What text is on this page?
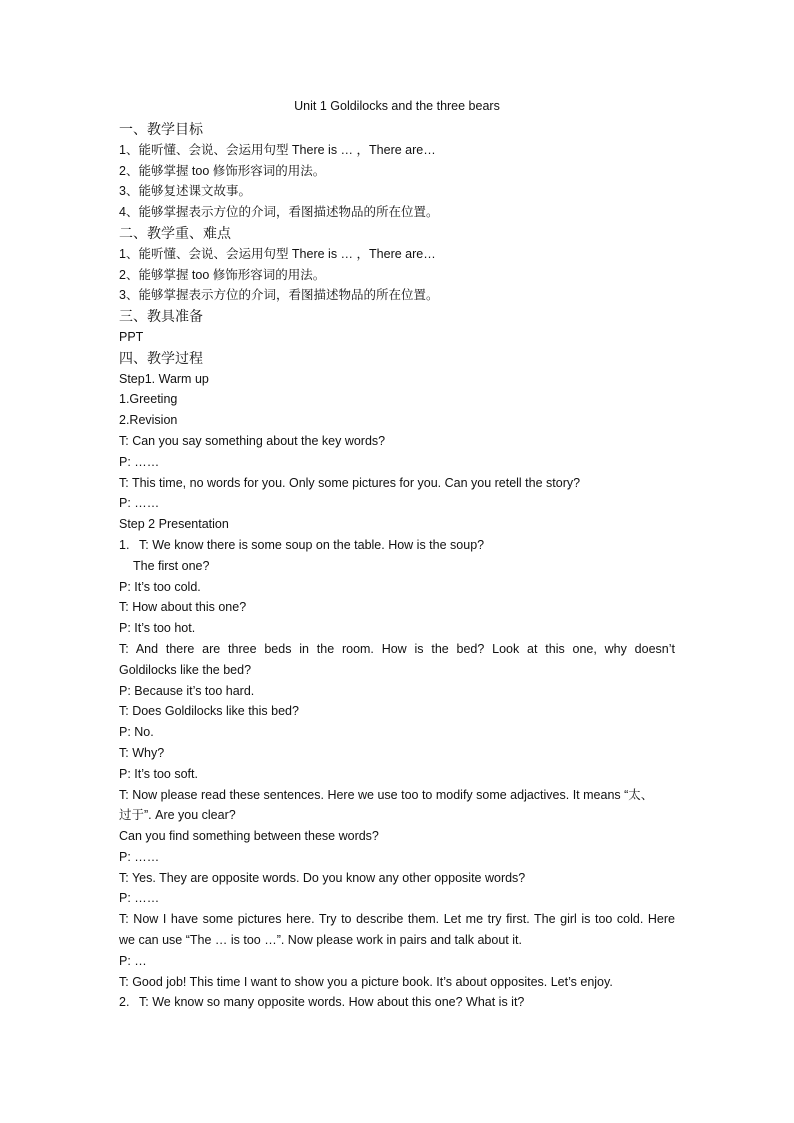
Unit 1 Goldilocks and the three bears
一、教学目标
1、能听懂、会说、会运用句型 There is … ，There are…
2、能够掌握 too 修饰形容词的用法。
3、能够复述课文故事。
4、能够掌握表示方位的介词，看图描述物品的所在位置。
二、教学重、难点
1、能听懂、会说、会运用句型 There is … ，There are…
2、能够掌握 too 修饰形容词的用法。
3、能够掌握表示方位的介词，看图描述物品的所在位置。
三、教具准备
PPT
四、教学过程
Step1. Warm up
1.Greeting
2.Revision
T: Can you say something about the key words?
P: ……
T: This time, no words for you. Only some pictures for you. Can you retell the story?
P: ……
Step 2 Presentation
1. T: We know there is some soup on the table. How is the soup?
The first one?
P: It’s too cold.
T: How about this one?
P: It’s too hot.
T: And there are three beds in the room. How is the bed? Look at this one, why doesn’t
Goldilocks like the bed?
P: Because it’s too hard.
T: Does Goldilocks like this bed?
P: No.
T: Why?
P: It’s too soft.
T: Now please read these sentences. Here we use too to modify some adjactives. It means “太、
过于”. Are you clear?
Can you find something between these words?
P: ……
T: Yes. They are opposite words. Do you know any other opposite words?
P: ……
T: Now I have some pictures here. Try to describe them. Let me try first. The girl is too cold. Here
we can use “The … is too …”. Now please work in pairs and talk about it.
P: …
T: Good job! This time I want to show you a picture book. It’s about opposites. Let’s enjoy.
2. T: We know so many opposite words. How about this one? What is it?
